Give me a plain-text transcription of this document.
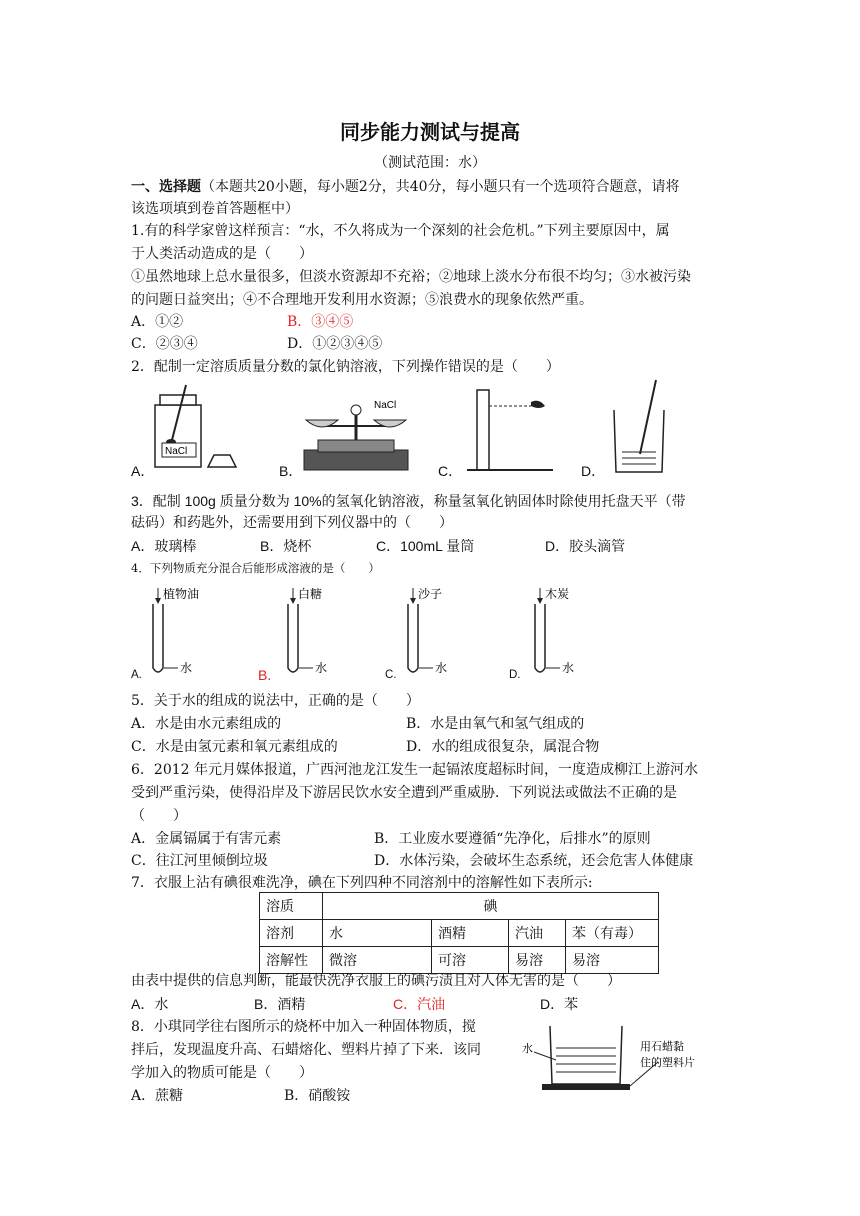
同步能力测试与提高
（测试范围：水）
一、选择题（本题共20小题，每小题2分，共40分，每小题只有一个选项符合题意，请将
该选项填到卷首答题框中）
1.有的科学家曾这样预言：“水，不久将成为一个深刻的社会危机。”下列主要原因中，属
于人类活动造成的是（　　）
①虽然地球上总水量很多，但淡水资源却不充裕；②地球上淡水分布很不均匀；③水被污染
的问题日益突出；④不合理地开发利用水资源；⑤浪费水的现象依然严重。
A．①②	B．③④⑤
C．②③④	D．①②③④⑤
2．配制一定溶质质量分数的氯化钠溶液，下列操作错误的是（　　）
NaCl
A．
NaCl
B．	C．	D．
3．配制 100g 质量分数为 10%的氢氧化钠溶液，称量氢氧化钠固体时除使用托盘天平（带
砝码）和药匙外，还需要用到下列仪器中的（　　）
A．玻璃棒	B．烧杯	C．100mL 量筒	D．胶头滴管
4．下列物质充分混合后能形成溶液的是（　　）
植物油
水
A.
白糖
水
B.
沙子
水
C.
木炭
水
D.
5．关于水的组成的说法中，正确的是（　　）
A．水是由水元素组成的	B．水是由氧气和氢气组成的
C．水是由氢元素和氧元素组成的	D．水的组成很复杂，属混合物
6．2012 年元月媒体报道，广西河池龙江发生一起镉浓度超标时间，一度造成柳江上游河水
受到严重污染，使得沿岸及下游居民饮水安全遭到严重威胁．下列说法或做法不正确的是
（　　）
A．金属镉属于有害元素	B．工业废水要遵循“先净化，后排水”的原则
C．往江河里倾倒垃圾	D．水体污染，会破坏生态系统，还会危害人体健康
7．衣服上沾有碘很难洗净，碘在下列四种不同溶剂中的溶解性如下表所示:
溶质	碘			
溶剂	水	酒精	汽油	苯（有毒）
溶解性	微溶	可溶	易溶	易溶
由表中提供的信息判断，能最快洗净衣服上的碘污渍且对人体无害的是（　　）
A．水	B．酒精	C．汽油	D．苯
8．小琪同学往右图所示的烧杯中加入一种固体物质，搅
拌后，发现温度升高、石蜡熔化、塑料片掉了下来．该同
学加入的物质可能是（　　）
A．蔗糖	B．硝酸铵
水	用石蜡黏
住的塑料片
